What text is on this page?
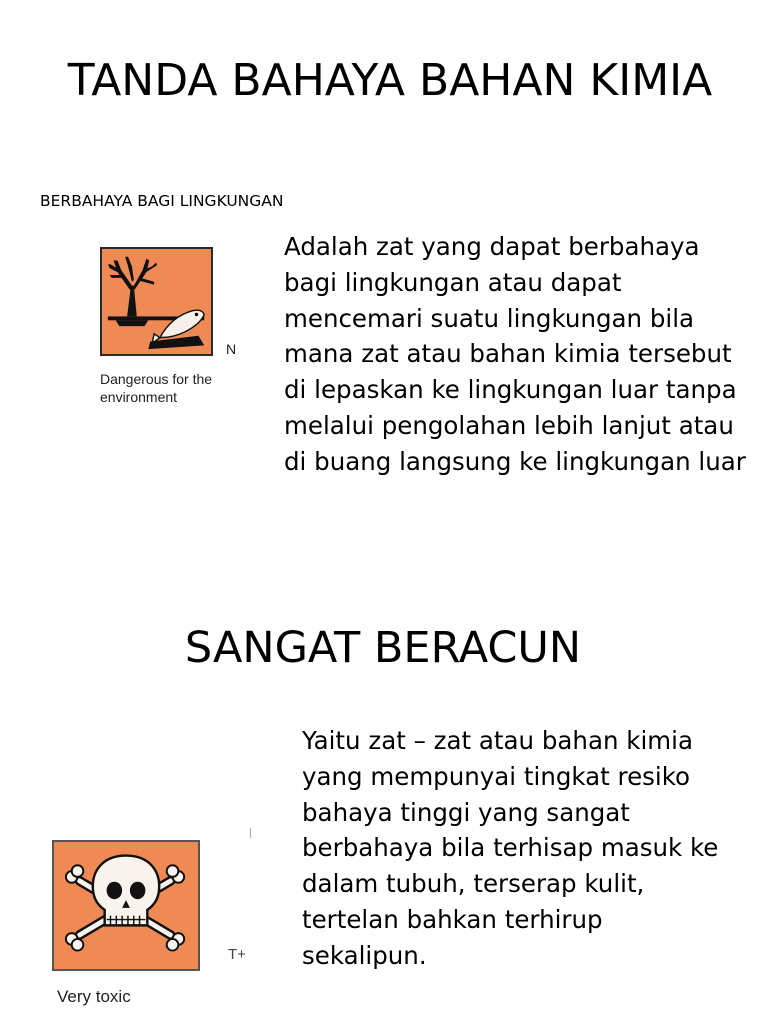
TANDA BAHAYA BAHAN KIMIA
BERBAHAYA BAGI LINGKUNGAN
N
Dangerous for the environment

Adalah zat yang dapat berbahaya bagi lingkungan atau dapat mencemari suatu lingkungan bila mana zat atau bahan kimia tersebut di lepaskan ke lingkungan luar tanpa melalui pengolahan lebih lanjut atau di buang langsung ke lingkungan luar

SANGAT BERACUN

Yaitu zat – zat atau bahan kimia yang mempunyai tingkat resiko bahaya tinggi yang sangat berbahaya bila terhisap masuk ke dalam tubuh, terserap kulit, tertelan bahkan terhirup sekalipun.

T+
Very toxic
